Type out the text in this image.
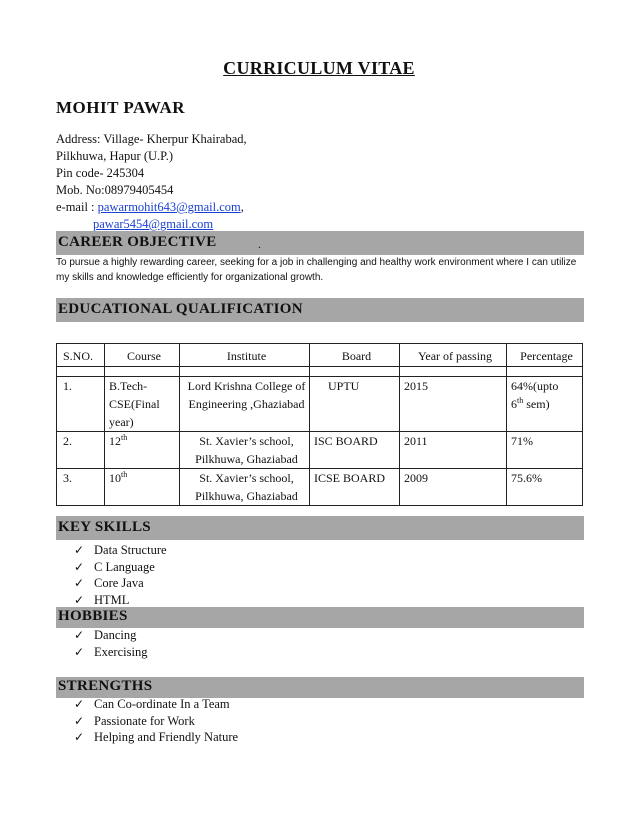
CURRICULUM VITAE
MOHIT PAWAR
Address: Village- Kherpur Khairabad,
Pilkhuwa, Hapur (U.P.)
Pin code- 245304
Mob. No:08979405454
e-mail : pawarmohit643@gmail.com,
pawar5454@gmail.com
CAREER OBJECTIVE	.
To pursue a highly rewarding career, seeking for a job in challenging and healthy work environment where I can utilize my skills and knowledge efficiently for organizational growth.
EDUCATIONAL QUALIFICATION
S.NO.	Course	Institute	Board	Year of passing	Percentage

1.	B.Tech-CSE(Final year)	Lord Krishna College of Engineering ,Ghaziabad	UPTU	2015	64%(upto
6th sem)
2.	12th	St. Xavier’s school, Pilkhuwa, Ghaziabad	ISC BOARD	2011	71%
3.	10th	St. Xavier’s school, Pilkhuwa, Ghaziabad	ICSE BOARD	2009	75.6%
KEY SKILLS
✓ Data Structure
✓ C Language
✓ Core Java
✓ HTML
HOBBIES
✓ Dancing
✓ Exercising
STRENGTHS
✓ Can Co-ordinate In a Team
✓ Passionate for Work
✓ Helping and Friendly Nature
